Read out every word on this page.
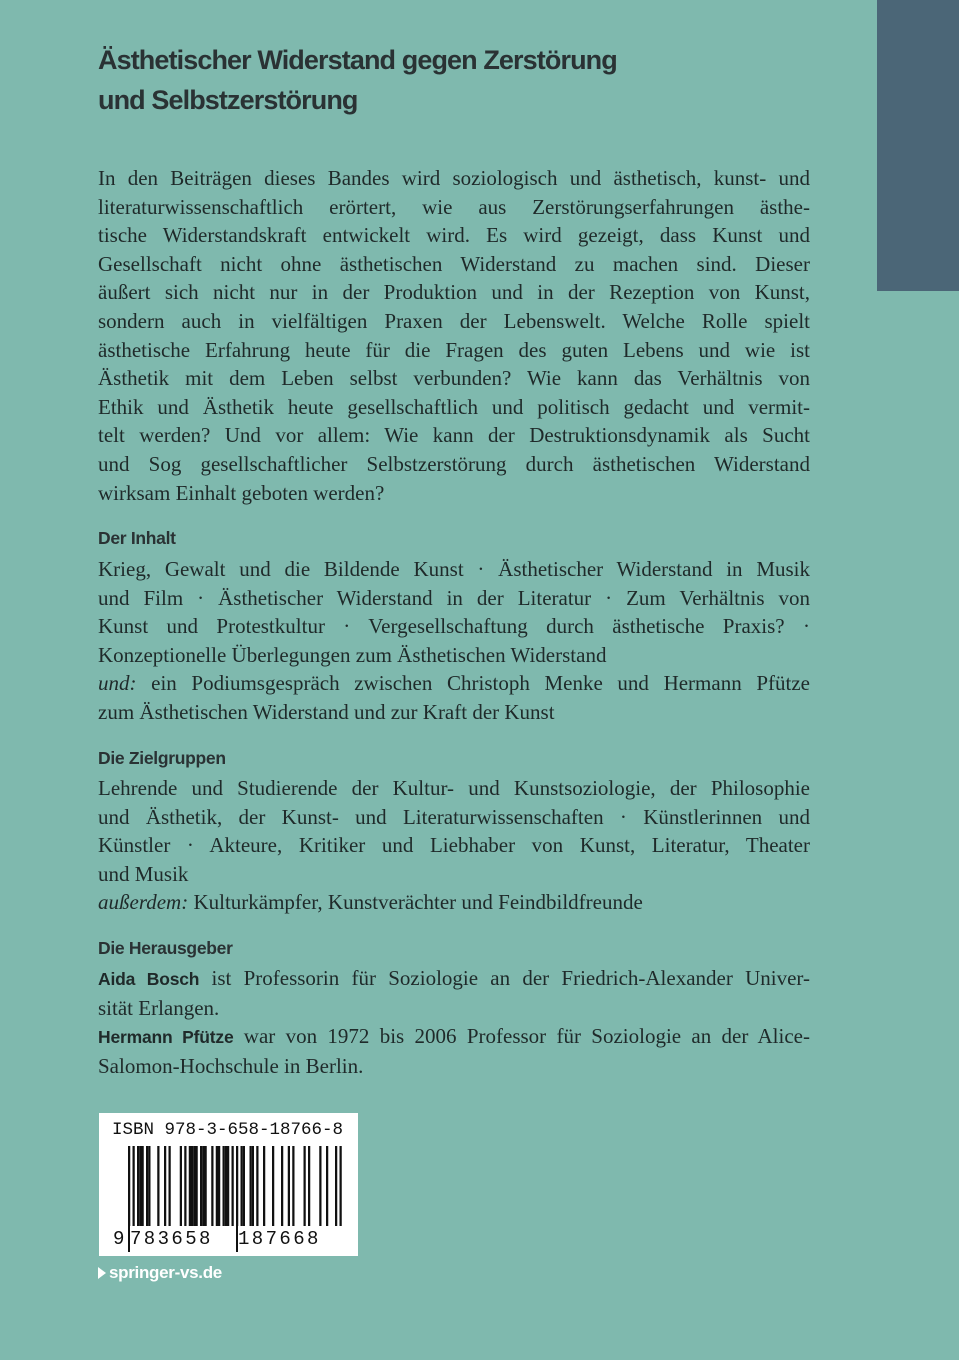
Ästhetischer Widerstand gegen Zerstörung
und Selbstzerstörung
In den Beiträgen dieses Bandes wird soziologisch und ästhetisch, kunst- und
literaturwissenschaftlich erörtert, wie aus Zerstörungserfahrungen ästhe-
tische Widerstandskraft entwickelt wird. Es wird gezeigt, dass Kunst und
Gesellschaft nicht ohne ästhetischen Widerstand zu machen sind. Dieser
äußert sich nicht nur in der Produktion und in der Rezeption von Kunst,
sondern auch in vielfältigen Praxen der Lebenswelt. Welche Rolle spielt
ästhetische Erfahrung heute für die Fragen des guten Lebens und wie ist
Ästhetik mit dem Leben selbst verbunden? Wie kann das Verhältnis von
Ethik und Ästhetik heute gesellschaftlich und politisch gedacht und vermit-
telt werden? Und vor allem: Wie kann der Destruktionsdynamik als Sucht
und Sog gesellschaftlicher Selbstzerstörung durch ästhetischen Widerstand
wirksam Einhalt geboten werden?
Der Inhalt
Krieg, Gewalt und die Bildende Kunst · Ästhetischer Widerstand in Musik
und Film · Ästhetischer Widerstand in der Literatur · Zum Verhältnis von
Kunst und Protestkultur · Vergesellschaftung durch ästhetische Praxis? ·
Konzeptionelle Überlegungen zum Ästhetischen Widerstand
und: ein Podiumsgespräch zwischen Christoph Menke und Hermann Pfütze
zum Ästhetischen Widerstand und zur Kraft der Kunst
Die Zielgruppen
Lehrende und Studierende der Kultur- und Kunstsoziologie, der Philosophie
und Ästhetik, der Kunst- und Literaturwissenschaften · Künstlerinnen und
Künstler · Akteure, Kritiker und Liebhaber von Kunst, Literatur, Theater
und Musik
außerdem: Kulturkämpfer, Kunstverächter und Feindbildfreunde
Die Herausgeber
Aida Bosch ist Professorin für Soziologie an der Friedrich-Alexander Univer-
sität Erlangen.
Hermann Pfütze war von 1972 bis 2006 Professor für Soziologie an der Alice-
Salomon-Hochschule in Berlin.
ISBN 978-3-658-18766-8
9 783658	187668
springer-vs.de
